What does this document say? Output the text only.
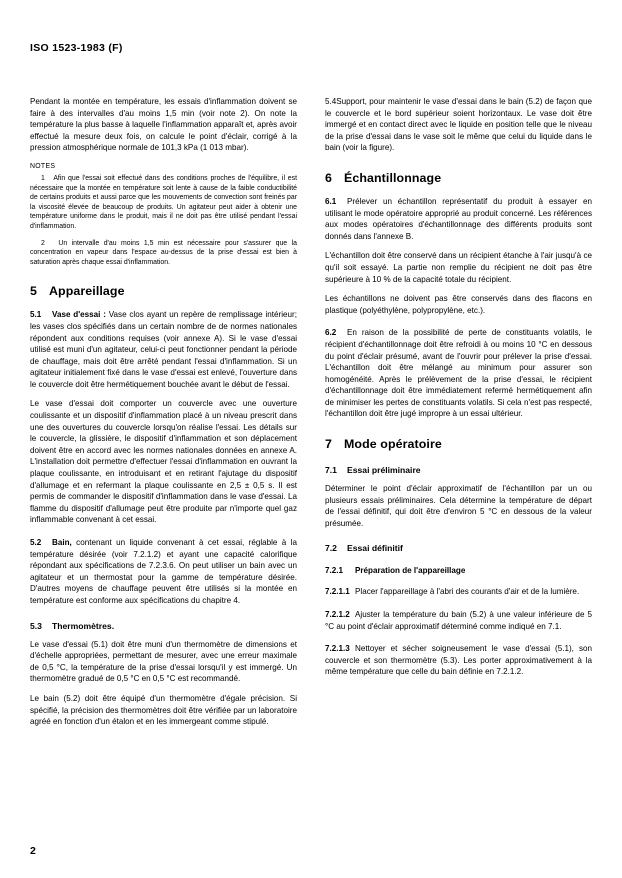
ISO 1523-1983 (F)

Pendant la montée en température, les essais d'inflammation doivent se faire à des intervalles d'au moins 1,5 min (voir note 2). On note la température la plus basse à laquelle l'inflammation apparaît et, après avoir effectué la mesure deux fois, on calcule le point d'éclair, corrigé à la pression atmosphérique normale de 101,3 kPa (1 013 mbar).

NOTES

1 Afin que l'essai soit effectué dans des conditions proches de l'équilibre, il est nécessaire que la montée en température soit lente à cause de la faible conductibilité de certains produits et aussi parce que les mouvements de convection sont freinés par la viscosité élevée de beaucoup de produits. Un agitateur peut aider à obtenir une température uniforme dans le produit, mais il ne doit pas être utilisé pendant l'essai d'inflammation.

2 Un intervalle d'au moins 1,5 min est nécessaire pour s'assurer que la concentration en vapeur dans l'espace au-dessus de la prise d'essai est bien à saturation après chaque essai d'inflammation.

5 Appareillage

5.1 Vase d'essai : Vase clos ayant un repère de remplissage intérieur; les vases clos spécifiés dans un certain nombre de de normes nationales répondent aux conditions requises (voir annexe A). Si le vase d'essai utilisé est muni d'un agitateur, celui-ci peut fonctionner pendant la période de chauffage, mais doit être arrêté pendant l'essai d'inflammation. Si un agitateur initialement fixé dans le vase d'essai est enlevé, l'ouverture dans le couvercle doit être hermétiquement bouchée avant le début de l'essai.

Le vase d'essai doit comporter un couvercle avec une ouverture coulissante et un dispositif d'inflammation placé à un niveau prescrit dans une des ouvertures du couvercle lorsqu'on réalise l'essai. Les détails sur le couvercle, la glissière, le dispositif d'inflammation et son déplacement doivent être en accord avec les normes nationales données en annexe A. L'installation doit permettre d'effectuer l'essai d'inflammation en ouvrant la plaque coulissante, en introduisant et en retirant l'ajutage du dispositif d'allumage et en refermant la plaque coulissante en 2,5 ± 0,5 s. Il est permis de commander le dispositif d'inflammation dans le vase d'essai. La flamme du dispositif d'allumage peut être produite par n'importe quel gaz inflammable convenant à cet essai.

5.2 Bain, contenant un liquide convenant à cet essai, réglable à la température désirée (voir 7.2.1.2) et ayant une capacité calorifique répondant aux spécifications de 7.2.3.6. On peut utiliser un bain avec un agitateur et un thermostat pour la gamme de température désirée. D'autres moyens de chauffage peuvent être utilisés si la montée en température est conforme aux spécifications du chapitre 4.

5.3 Thermomètres.

Le vase d'essai (5.1) doit être muni d'un thermomètre de dimensions et d'échelle appropriées, permettant de mesurer, avec une erreur maximale de 0,5 °C, la température de la prise d'essai lorsqu'il y est immergé. Un thermomètre gradué de 0,5 °C en 0,5 °C est recommandé.

Le bain (5.2) doit être équipé d'un thermomètre d'égale précision. Si spécifié, la précision des thermomètres doit être vérifiée par un laboratoire agréé en fonction d'un étalon et en les immergeant comme stipulé.

5.4Support, pour maintenir le vase d'essai dans le bain (5.2) de façon que le couvercle et le bord supérieur soient horizontaux. Le vase doit être immergé et en contact direct avec le liquide en position telle que le niveau de la prise d'essai dans le vase soit le même que celui du liquide dans le bain (voir la figure).

6 Échantillonnage

6.1 Prélever un échantillon représentatif du produit à essayer en utilisant le mode opératoire approprié au produit concerné. Les références aux modes opératoires d'échantillonnage des différents produits sont donnés dans l'annexe B.

L'échantillon doit être conservé dans un récipient étanche à l'air jusqu'à ce qu'il soit essayé. La partie non remplie du récipient ne doit pas être supérieure à 10 % de la capacité totale du récipient.

Les échantillons ne doivent pas être conservés dans des flacons en plastique (polyéthylène, polypropylène, etc.).

6.2 En raison de la possibilité de perte de constituants volatils, le récipient d'échantillonnage doit être refroidi à ou moins 10 °C en dessous du point d'éclair présumé, avant de l'ouvrir pour prélever la prise d'essai. L'échantillon doit être mélangé au minimum pour assurer son homogénéité. Après le prélèvement de la prise d'essai, le récipient d'échantillonnage doit être immédiatement refermé hermétiquement afin de minimiser les pertes de constituants volatils. Si cela n'est pas respecté, l'échantillon doit être jugé impropre à un essai ultérieur.

7 Mode opératoire
7.1 Essai préliminaire

Déterminer le point d'éclair approximatif de l'échantillon par un ou plusieurs essais préliminaires. Cela détermine la température de départ de l'essai définitif, qui doit être d'environ 5 °C en dessous de la valeur présumée.

7.2 Essai définitif
7.2.1 Préparation de l'appareillage

7.2.1.1 Placer l'appareillage à l'abri des courants d'air et de la lumière.

7.2.1.2 Ajuster la température du bain (5.2) à une valeur inférieure de 5 °C au point d'éclair approximatif déterminé comme indiqué en 7.1.

7.2.1.3 Nettoyer et sécher soigneusement le vase d'essai (5.1), son couvercle et son thermomètre (5.3). Les porter approximativement à la même température que celle du bain définie en 7.2.1.2.

2
